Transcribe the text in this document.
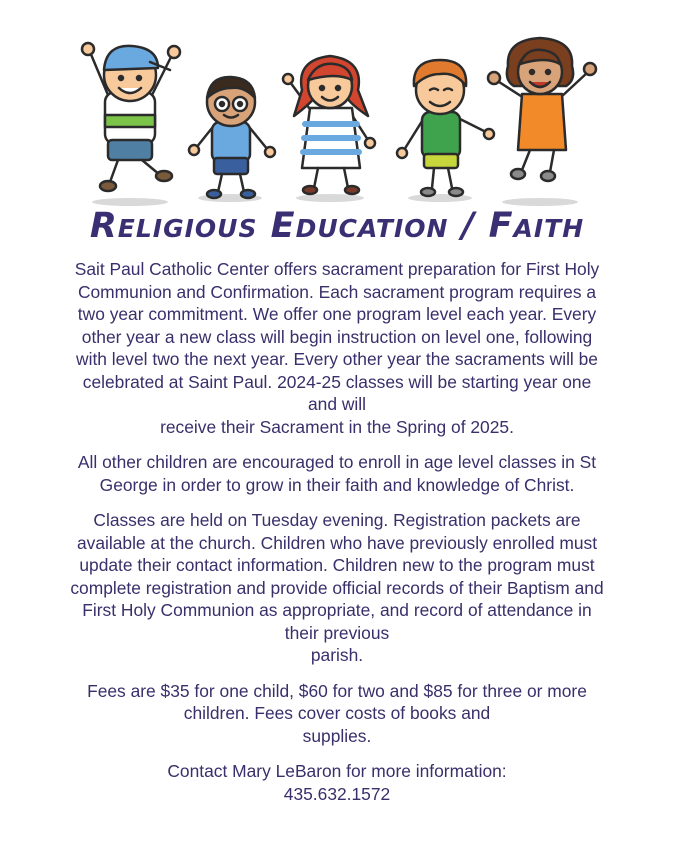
Religious Education / Faith

Sait Paul Catholic Center offers sacrament preparation for First Holy
Communion and Confirmation. Each sacrament program requires a
two year commitment. We offer one program level each year. Every
other year a new class will begin instruction on level one, following
with level two the next year. Every other year the sacraments will be
celebrated at Saint Paul. 2024-25 classes will be starting year one
and will
receive their Sacrament in the Spring of 2025.

All other children are encouraged to enroll in age level classes in St
George in order to grow in their faith and knowledge of Christ.

Classes are held on Tuesday evening. Registration packets are
available at the church. Children who have previously enrolled must
update their contact information. Children new to the program must
complete registration and provide official records of their Baptism and
First Holy Communion as appropriate, and record of attendance in
their previous
parish.

Fees are $35 for one child, $60 for two and $85 for three or more
children. Fees cover costs of books and
supplies.

Contact Mary LeBaron for more information:
435.632.1572
